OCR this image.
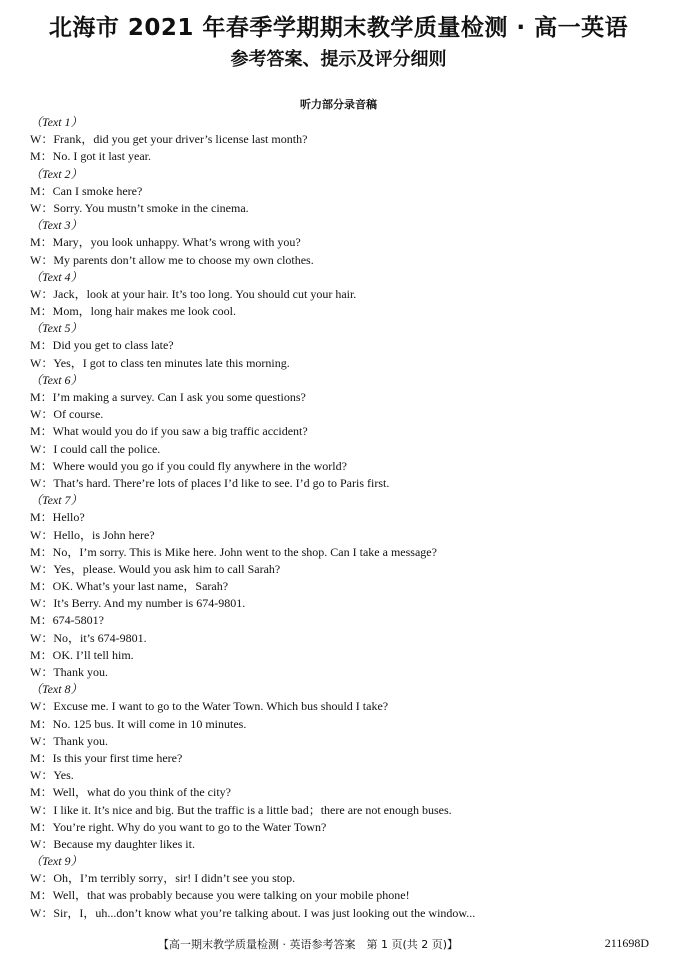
北海市 2021 年春季学期期末教学质量检测 · 高一英语
参考答案、提示及评分细则
听力部分录音稿
（Text 1）
W：Frank，did you get your driver’s license last month?
M：No. I got it last year.
（Text 2）
M：Can I smoke here?
W：Sorry. You mustn’t smoke in the cinema.
（Text 3）
M：Mary，you look unhappy. What’s wrong with you?
W：My parents don’t allow me to choose my own clothes.
（Text 4）
W：Jack，look at your hair. It’s too long. You should cut your hair.
M：Mom，long hair makes me look cool.
（Text 5）
M：Did you get to class late?
W：Yes，I got to class ten minutes late this morning.
（Text 6）
M：I’m making a survey. Can I ask you some questions?
W：Of course.
M：What would you do if you saw a big traffic accident?
W：I could call the police.
M：Where would you go if you could fly anywhere in the world?
W：That’s hard. There’re lots of places I’d like to see. I’d go to Paris first.
（Text 7）
M：Hello?
W：Hello，is John here?
M：No，I’m sorry. This is Mike here. John went to the shop. Can I take a message?
W：Yes，please. Would you ask him to call Sarah?
M：OK. What’s your last name，Sarah?
W：It’s Berry. And my number is 674-9801.
M：674-5801?
W：No，it’s 674-9801.
M：OK. I’ll tell him.
W：Thank you.
（Text 8）
W：Excuse me. I want to go to the Water Town. Which bus should I take?
M：No. 125 bus. It will come in 10 minutes.
W：Thank you.
M：Is this your first time here?
W：Yes.
M：Well，what do you think of the city?
W：I like it. It’s nice and big. But the traffic is a little bad；there are not enough buses.
M：You’re right. Why do you want to go to the Water Town?
W：Because my daughter likes it.
（Text 9）
W：Oh，I’m terribly sorry，sir! I didn’t see you stop.
M：Well，that was probably because you were talking on your mobile phone!
W：Sir，I，uh...don’t know what you’re talking about. I was just looking out the window...
【高一期末教学质量检测 · 英语参考答案　第 1 页(共 2 页)】	211698D
